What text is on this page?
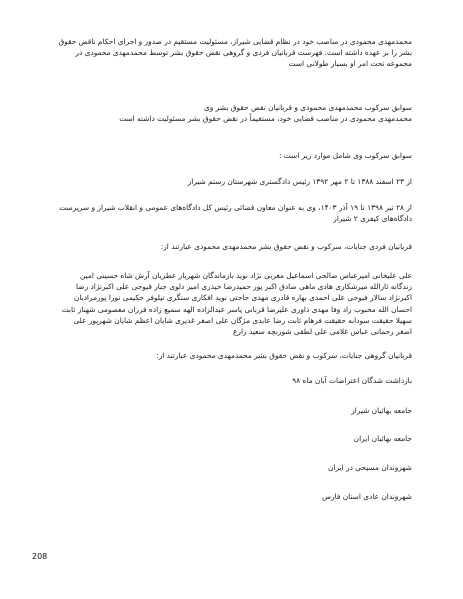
محمدمهدی محمودی در مناصب خود در نظام قضایی شیراز، مسئولیت مستقیم در صدور و اجرای احکام ناقض حقوق بشر را بر عهده داشته است. فهرست قربانیان فردی و گروهی نقض حقوق بشر توسط محمدمهدی محمودی در مجموعه تحت امر او بسیار طولانی است

سوابق سرکوب محمدمهدی محمودی و قربانیان نقض حقوق بشر وی

محمدمهدی محمودی در مناصب قضایی خود، مستقیماً در نقض حقوق بشر مسئولیت داشته است

سوابق سرکوب وی شامل موارد زیر است :

از ۲۳ اسفند ۱۳۸۸ تا ۲ مهر ۱۳۹۲ رئیس دادگستری شهرستان رستم شیراز

از ۲۸ تیر ۱۳۹۸ تا ۱۹ آذر ۱۴۰۳، وی به عنوان معاون قضائی رئیس کل دادگاه‌های عمومی و انقلاب شیراز و سرپرست دادگاه‌های کیفری ۲ شیراز

قربانیان فردی جنایات، سرکوب و نقض حقوق بشر محمدمهدی محمودی عبارتند از:

علی علیخانی امیرعباس صالحی اسماعیل مغربی نژاد نوید بازماندگان شهریار عطریان آرش شاه حسینی امین زندگانه ثارالله میرشکاری هادی ماهی صادق اکبر پور حمیدرضا حیدری امیر دلوی جبار قیوجی علی اکبرنژاد رضا اکبرنژاد سالار فیوجی علی احمدی بهاره قادری مهدی حاجتی نوید افکاری سنگری نیلوفر حکیمی نورا پورمرادیان احسان الله محبوب راد وفا مهدی داوری علیرضا قربانی یاسر عبدالزاده الهه سمیع زاده فرزان معصومی شهناز ثابت سهیلا حقیقت سودابه حقیقت فرهام ثابت رضا عابدی مژگان علی اصغر غدیری شایان اعظم شایان شهرپور علی اصغر رحمانی عباس غلامی علی لطفی شوربچه سعید زارع

قربانیان گروهی جنایات، سرکوب و نقض حقوق بشر محمدمهدی محمودی عبارتند از:

بازداشت شدگان اعتراضات آبان ماه ۹۸

جامعه بهائیان شیراز

جامعه بهائیان ایران

شهروندان مسیحی در ایران

شهروندان عادی استان فارس

208
